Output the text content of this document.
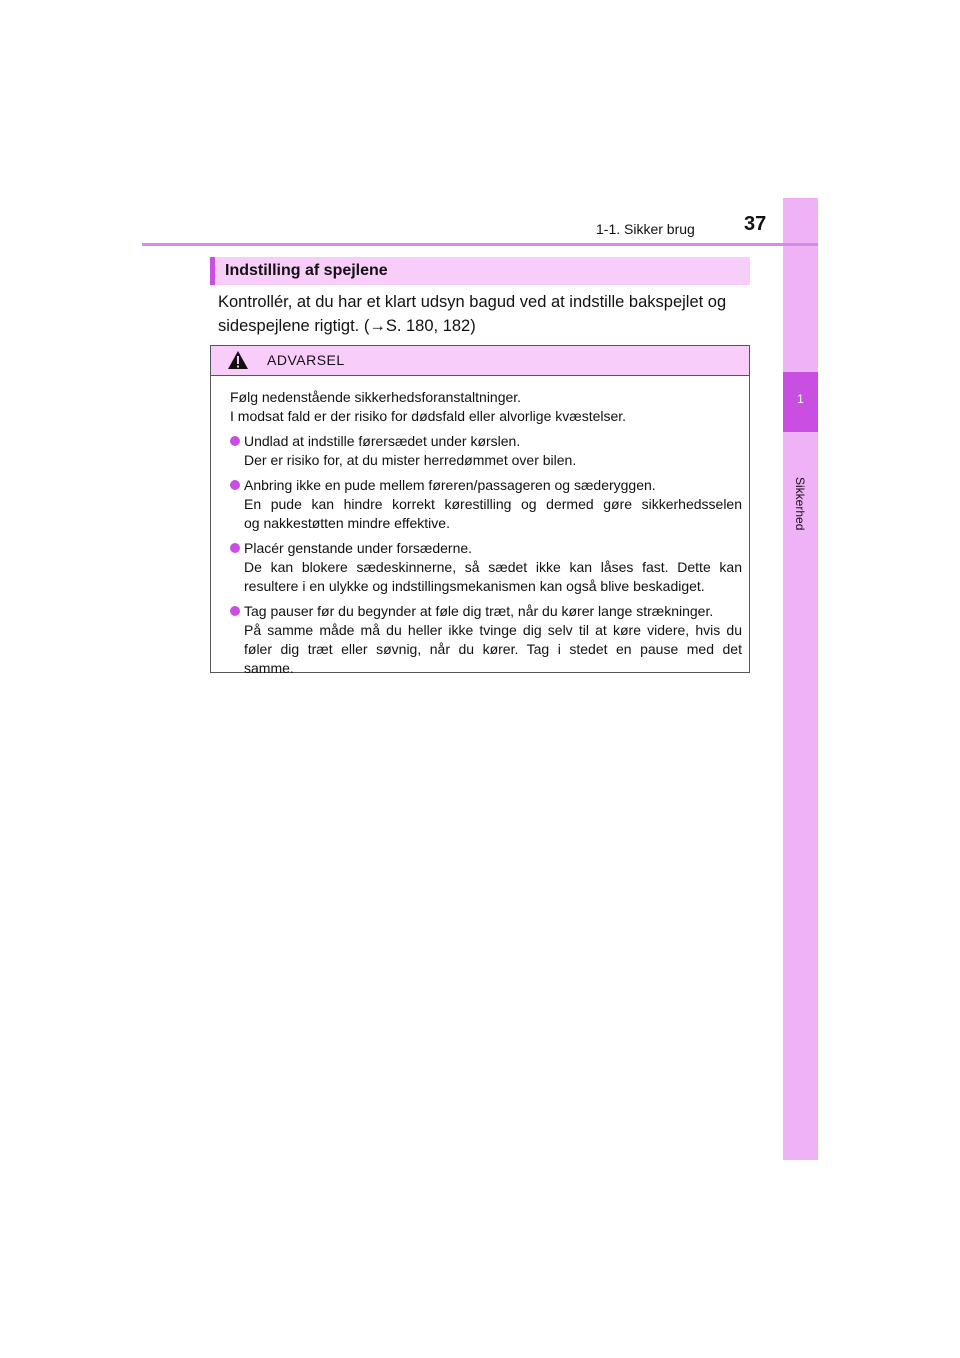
1
Sikkerhed
1-1. Sikker brug 37
Indstilling af spejlene
Kontrollér, at du har et klart udsyn bagud ved at indstille bakspejlet og
sidespejlene rigtigt. (→S. 180, 182)
ADVARSEL

Følg nedenstående sikkerhedsforanstaltninger.
I modsat fald er der risiko for dødsfald eller alvorlige kvæstelser.

Undlad at indstille førersædet under kørslen.
Der er risiko for, at du mister herredømmet over bilen.
Anbring ikke en pude mellem føreren/passageren og sæderyggen.
En pude kan hindre korrekt kørestilling og dermed gøre sikkerhedsselen
og nakkestøtten mindre effektive.
Placér genstande under forsæderne.
De kan blokere sædeskinnerne, så sædet ikke kan låses fast. Dette kan
resultere i en ulykke og indstillingsmekanismen kan også blive beskadiget.
Tag pauser før du begynder at føle dig træt, når du kører lange strækninger.
På samme måde må du heller ikke tvinge dig selv til at køre videre, hvis du
føler dig træt eller søvnig, når du kører. Tag i stedet en pause med det
samme.
